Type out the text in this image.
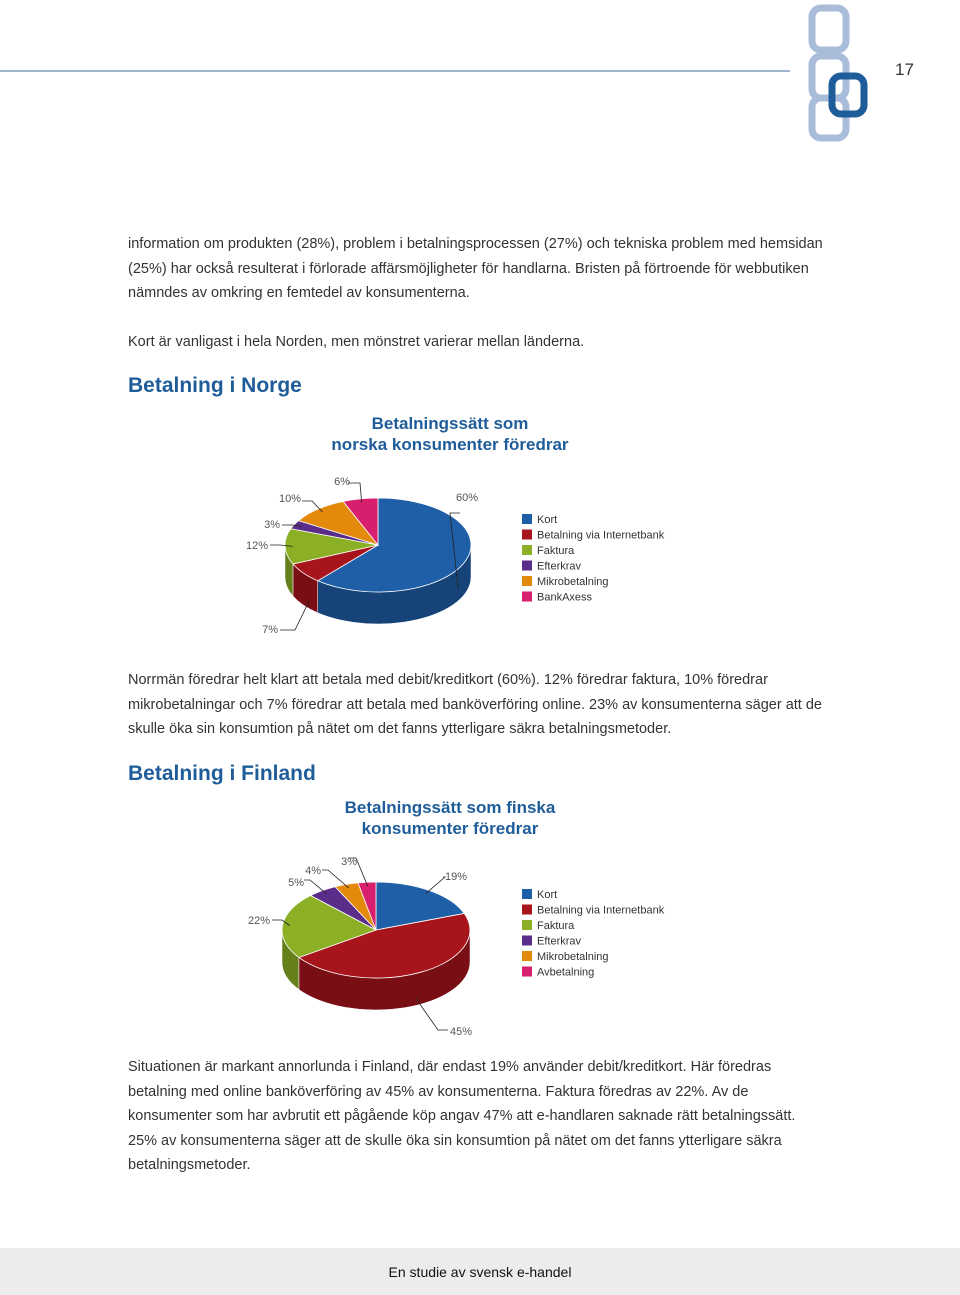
17

information om produkten (28%), problem i betalningsprocessen (27%) och tekniska problem med hemsidan (25%) har också resulterat i förlorade affärsmöjligheter för handlarna. Bristen på förtroende för webbutiken nämndes av omkring en femtedel av konsumenterna.

Kort är vanligast i hela Norden, men mönstret varierar mellan länderna.

Betalning i Norge
Betalningssätt som
norska konsumenter föredrar
60%
7%
12%
3%
10%
6%
Kort
Betalning via Internetbank
Faktura
Efterkrav
Mikrobetalning
BankAxess

Norrmän föredrar helt klart att betala med debit/kreditkort (60%). 12% föredrar faktura, 10% föredrar mikrobetalningar och 7% föredrar att betala med banköverföring online. 23% av konsumenterna säger att de skulle öka sin konsumtion på nätet om det fanns ytterligare säkra betalningsmetoder.

Betalning i Finland
Betalningssätt som finska
konsumenter föredrar
19%
45%
22%
5%
4%
3%
Kort
Betalning via Internetbank
Faktura
Efterkrav
Mikrobetalning
Avbetalning

Situationen är markant annorlunda i Finland, där endast 19% använder debit/kreditkort. Här föredras betalning med online banköverföring av 45% av konsumenterna. Faktura föredras av 22%. Av de konsumenter som har avbrutit ett pågående köp angav 47% att e-handlaren saknade rätt betalningssätt. 25% av konsumenterna säger att de skulle öka sin konsumtion på nätet om det fanns ytterligare säkra betalningsmetoder.

En studie av svensk e-handel
